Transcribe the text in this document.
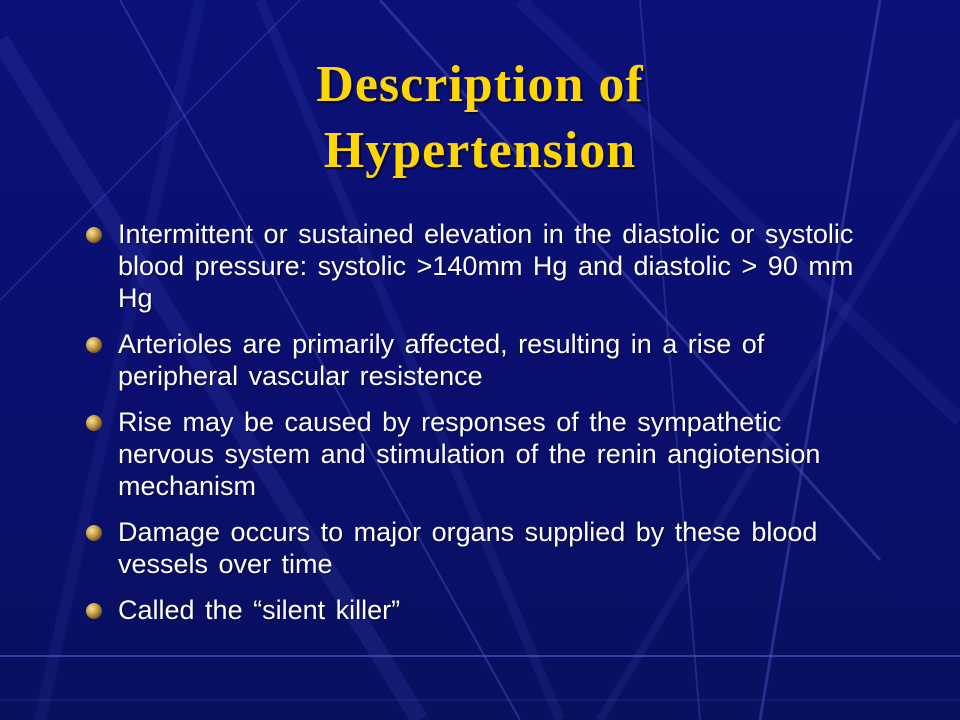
Description of
Hypertension
Intermittent or sustained elevation in the diastolic or systolic blood pressure: systolic >140mm Hg and diastolic > 90 mm Hg
Arterioles are primarily affected, resulting in a rise of peripheral vascular resistence
Rise may be caused by responses of the sympathetic nervous system and stimulation of the renin angiotension mechanism
Damage occurs to major organs supplied by these blood vessels over time
Called the “silent killer”
